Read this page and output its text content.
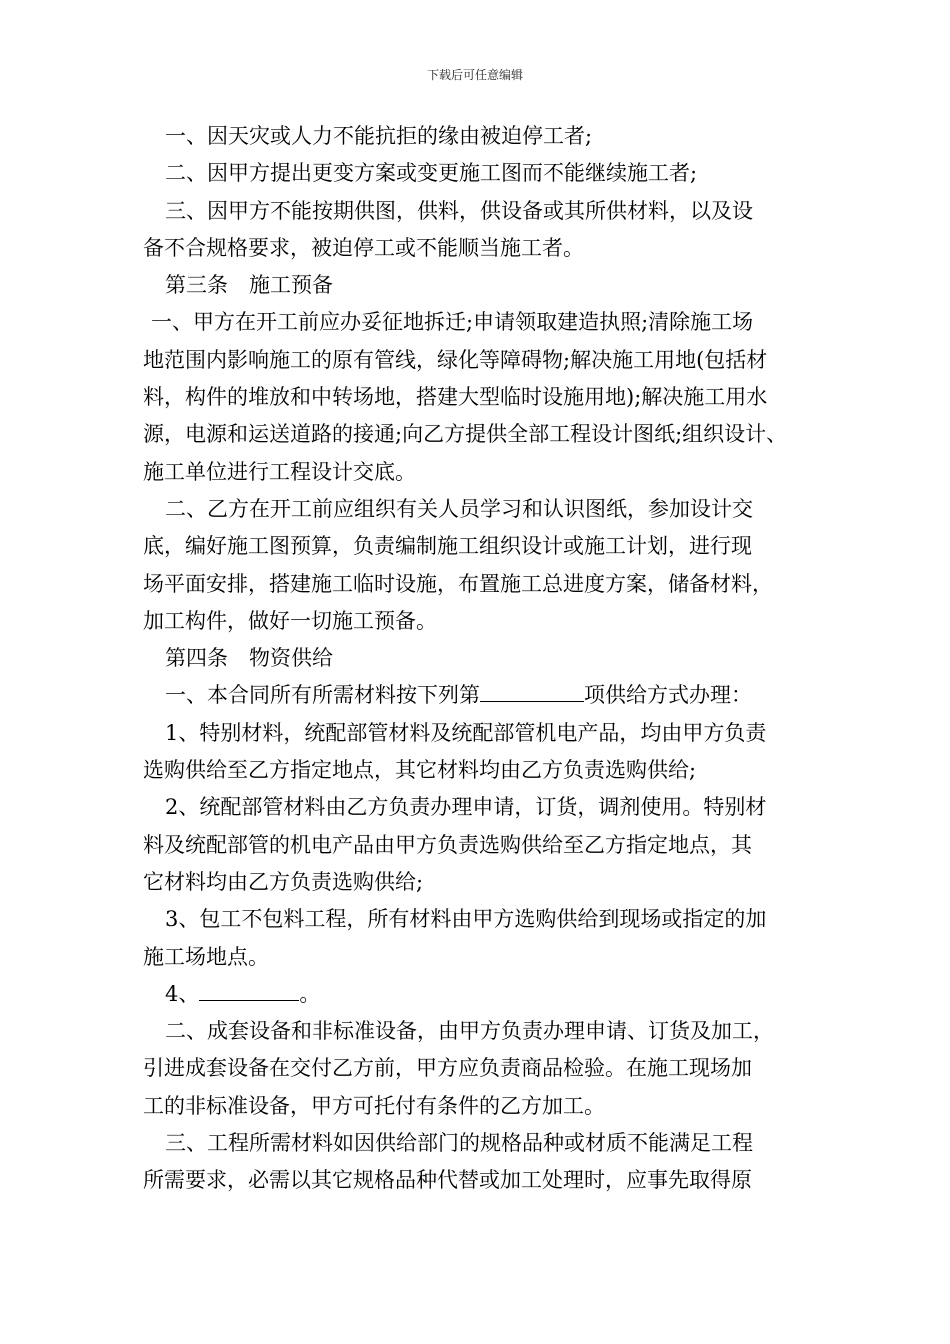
下载后可任意编辑
一、因天灾或人力不能抗拒的缘由被迫停工者;
二、因甲方提出更变方案或变更施工图而不能继续施工者;
三、因甲方不能按期供图，供料，供设备或其所供材料，以及设
备不合规格要求，被迫停工或不能顺当施工者。
第三条　施工预备
一、甲方在开工前应办妥征地拆迁;申请领取建造执照;清除施工场
地范围内影响施工的原有管线，绿化等障碍物;解决施工用地(包括材
料，构件的堆放和中转场地，搭建大型临时设施用地);解决施工用水
源，电源和运送道路的接通;向乙方提供全部工程设计图纸;组织设计、
施工单位进行工程设计交底。
二、乙方在开工前应组织有关人员学习和认识图纸，参加设计交
底，编好施工图预算，负责编制施工组织设计或施工计划，进行现
场平面安排，搭建施工临时设施，布置施工总进度方案，储备材料，
加工构件，做好一切施工预备。
第四条　物资供给
一、本合同所有所需材料按下列第	项供给方式办理：
1、特别材料，统配部管材料及统配部管机电产品，均由甲方负责
选购供给至乙方指定地点，其它材料均由乙方负责选购供给;
2、统配部管材料由乙方负责办理申请，订货，调剂使用。特别材
料及统配部管的机电产品由甲方负责选购供给至乙方指定地点，其
它材料均由乙方负责选购供给;
3、包工不包料工程，所有材料由甲方选购供给到现场或指定的加
施工场地点。
4、	。
二、成套设备和非标准设备，由甲方负责办理申请、订货及加工，
引进成套设备在交付乙方前，甲方应负责商品检验。在施工现场加
工的非标准设备，甲方可托付有条件的乙方加工。
三、工程所需材料如因供给部门的规格品种或材质不能满足工程
所需要求，必需以其它规格品种代替或加工处理时，应事先取得原
